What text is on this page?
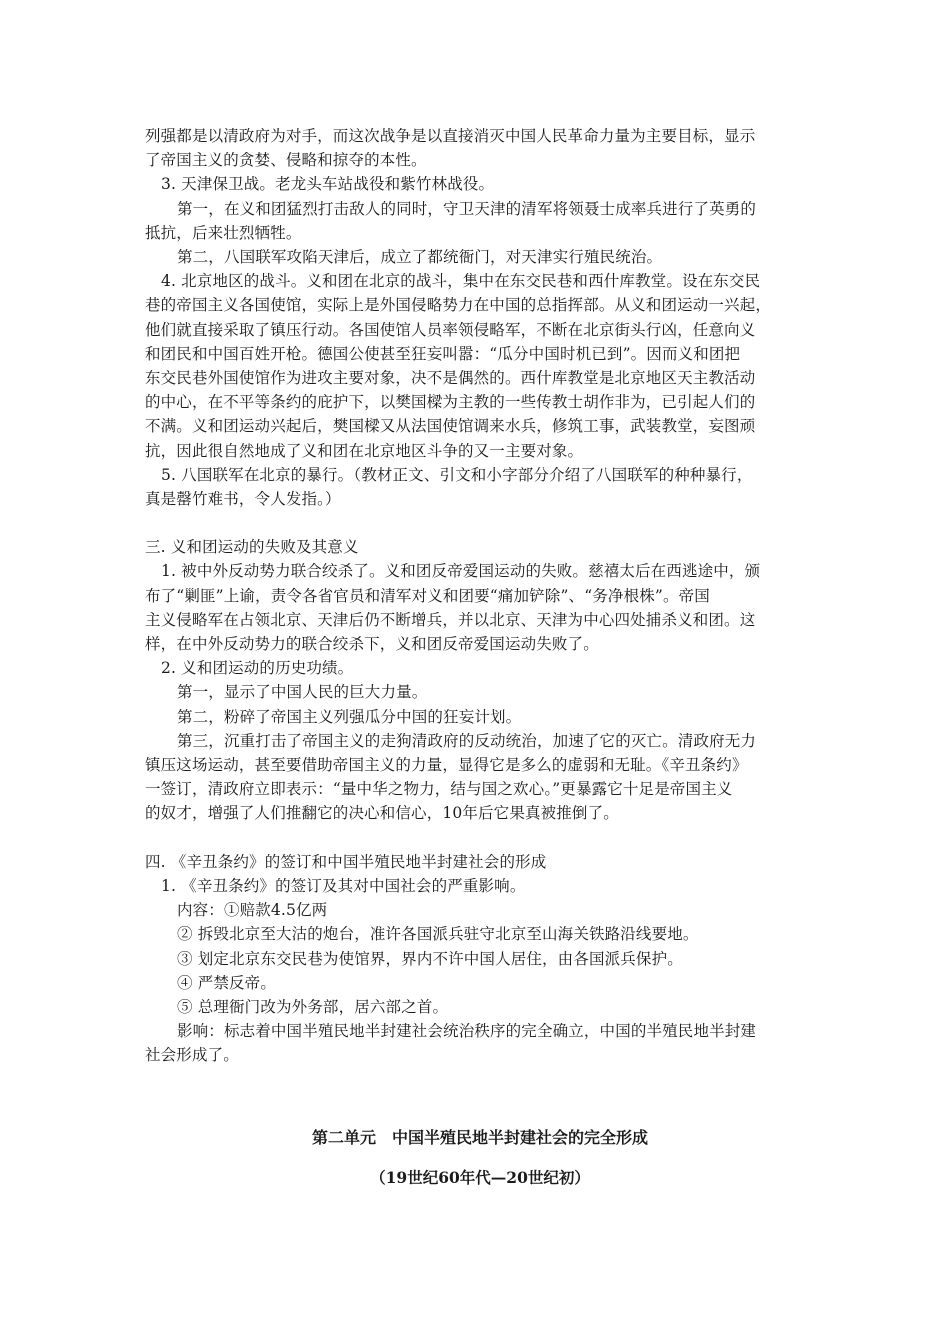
列强都是以清政府为对手，而这次战争是以直接消灭中国人民革命力量为主要目标，显示
了帝国主义的贪婪、侵略和掠夺的本性。
3. 天津保卫战。老龙头车站战役和紫竹林战役。
第一，在义和团猛烈打击敌人的同时，守卫天津的清军将领聂士成率兵进行了英勇的
抵抗，后来壮烈牺牲。
第二，八国联军攻陷天津后，成立了都统衙门，对天津实行殖民统治。
4. 北京地区的战斗。义和团在北京的战斗，集中在东交民巷和西什库教堂。设在东交民
巷的帝国主义各国使馆，实际上是外国侵略势力在中国的总指挥部。从义和团运动一兴起，
他们就直接采取了镇压行动。各国使馆人员率领侵略军，不断在北京街头行凶，任意向义
和团民和中国百姓开枪。德国公使甚至狂妄叫嚣：“瓜分中国时机已到”。因而义和团把
东交民巷外国使馆作为进攻主要对象，决不是偶然的。西什库教堂是北京地区天主教活动
的中心，在不平等条约的庇护下，以樊国樑为主教的一些传教士胡作非为，已引起人们的
不满。义和团运动兴起后，樊国樑又从法国使馆调来水兵，修筑工事，武装教堂，妄图顽
抗，因此很自然地成了义和团在北京地区斗争的又一主要对象。
5. 八国联军在北京的暴行。（教材正文、引文和小字部分介绍了八国联军的种种暴行，
真是罄竹难书，令人发指。）
三. 义和团运动的失败及其意义
1. 被中外反动势力联合绞杀了。义和团反帝爱国运动的失败。慈禧太后在西逃途中，颁
布了“剿匪”上谕，责令各省官员和清军对义和团要“痛加铲除”、“务净根株”。帝国
主义侵略军在占领北京、天津后仍不断增兵，并以北京、天津为中心四处捕杀义和团。这
样，在中外反动势力的联合绞杀下，义和团反帝爱国运动失败了。
2. 义和团运动的历史功绩。
第一，显示了中国人民的巨大力量。
第二，粉碎了帝国主义列强瓜分中国的狂妄计划。
第三，沉重打击了帝国主义的走狗清政府的反动统治，加速了它的灭亡。清政府无力
镇压这场运动，甚至要借助帝国主义的力量，显得它是多么的虚弱和无耻。《辛丑条约》
一签订，清政府立即表示：“量中华之物力，结与国之欢心。”更暴露它十足是帝国主义
的奴才，增强了人们推翻它的决心和信心，10年后它果真被推倒了。
四. 《辛丑条约》的签订和中国半殖民地半封建社会的形成
1. 《辛丑条约》的签订及其对中国社会的严重影响。
内容：①赔款4.5亿两
② 拆毁北京至大沽的炮台，准许各国派兵驻守北京至山海关铁路沿线要地。
③ 划定北京东交民巷为使馆界，界内不许中国人居住，由各国派兵保护。
④ 严禁反帝。
⑤ 总理衙门改为外务部，居六部之首。
影响：标志着中国半殖民地半封建社会统治秩序的完全确立，中国的半殖民地半封建
社会形成了。
第二单元　中国半殖民地半封建社会的完全形成
（19世纪60年代—20世纪初）
